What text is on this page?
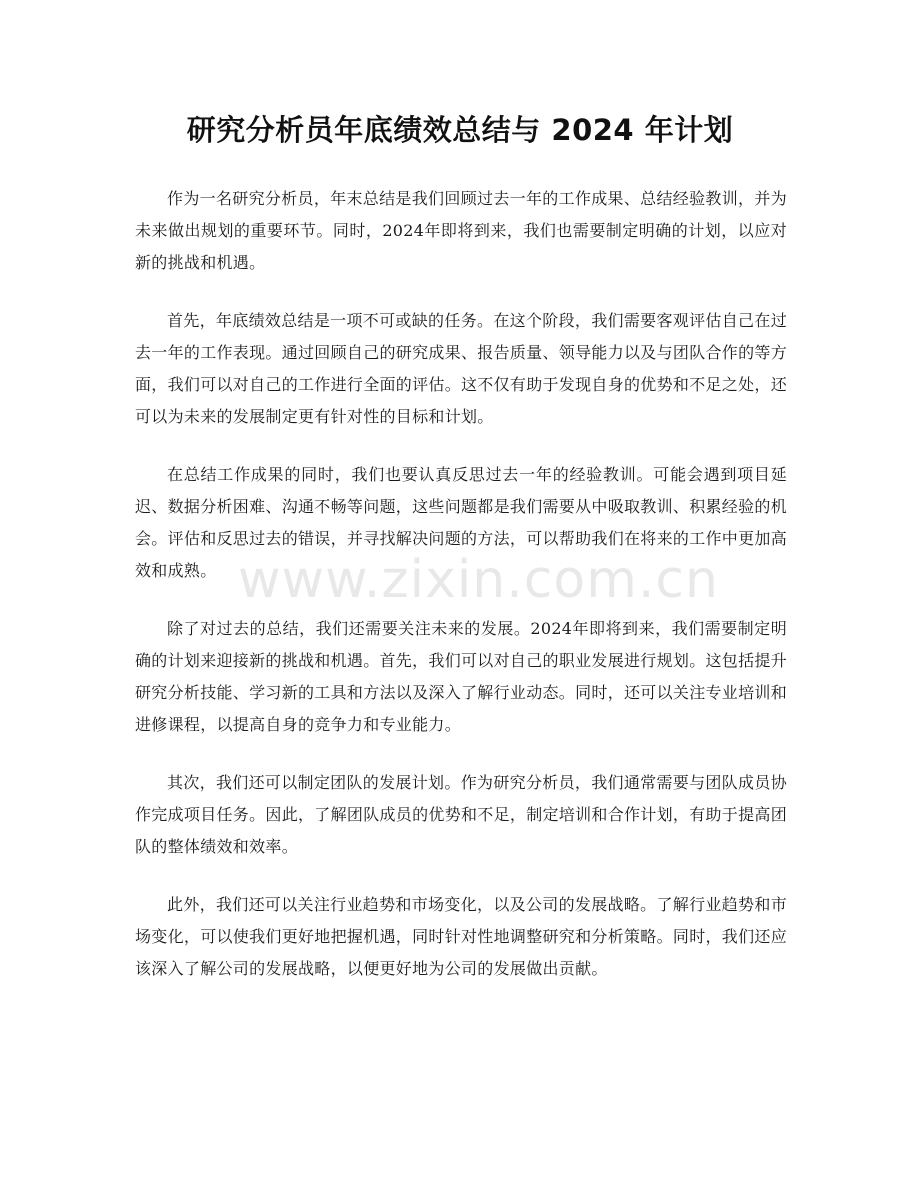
研究分析员年底绩效总结与 2024 年计划

作为一名研究分析员，年末总结是我们回顾过去一年的工作成果、总结经验教训，并为未来做出规划的重要环节。同时，2024年即将到来，我们也需要制定明确的计划，以应对新的挑战和机遇。

首先，年底绩效总结是一项不可或缺的任务。在这个阶段，我们需要客观评估自己在过去一年的工作表现。通过回顾自己的研究成果、报告质量、领导能力以及与团队合作的等方面，我们可以对自己的工作进行全面的评估。这不仅有助于发现自身的优势和不足之处，还可以为未来的发展制定更有针对性的目标和计划。

在总结工作成果的同时，我们也要认真反思过去一年的经验教训。可能会遇到项目延迟、数据分析困难、沟通不畅等问题，这些问题都是我们需要从中吸取教训、积累经验的机会。评估和反思过去的错误，并寻找解决问题的方法，可以帮助我们在将来的工作中更加高效和成熟。

除了对过去的总结，我们还需要关注未来的发展。2024年即将到来，我们需要制定明确的计划来迎接新的挑战和机遇。首先，我们可以对自己的职业发展进行规划。这包括提升研究分析技能、学习新的工具和方法以及深入了解行业动态。同时，还可以关注专业培训和进修课程，以提高自身的竞争力和专业能力。

其次，我们还可以制定团队的发展计划。作为研究分析员，我们通常需要与团队成员协作完成项目任务。因此，了解团队成员的优势和不足，制定培训和合作计划，有助于提高团队的整体绩效和效率。

此外，我们还可以关注行业趋势和市场变化，以及公司的发展战略。了解行业趋势和市场变化，可以使我们更好地把握机遇，同时针对性地调整研究和分析策略。同时，我们还应该深入了解公司的发展战略，以便更好地为公司的发展做出贡献。

www.zixin.com.cn
